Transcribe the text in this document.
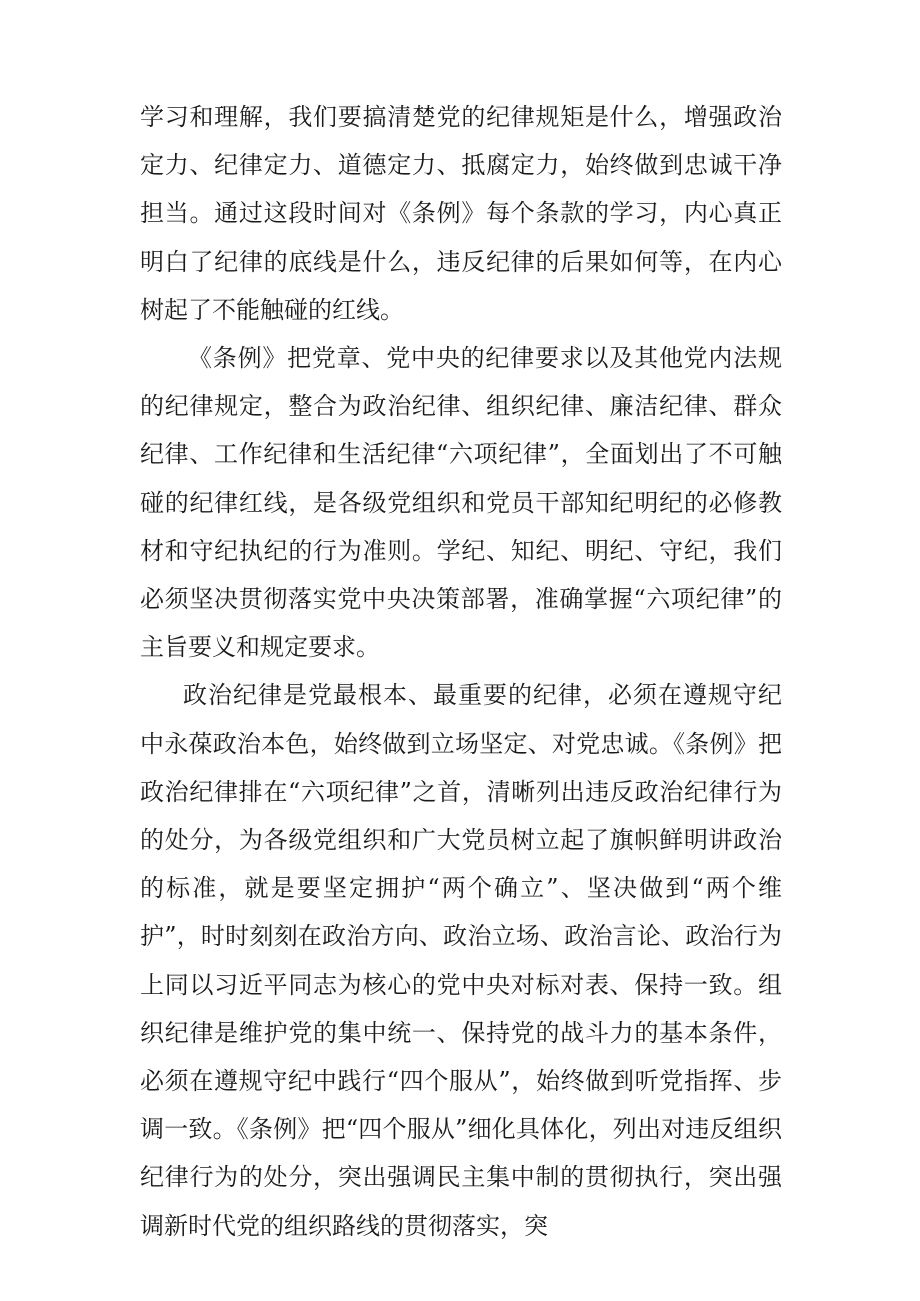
学习和理解，我们要搞清楚党的纪律规矩是什么，增强政治定力、纪律定力、道德定力、抵腐定力，始终做到忠诚干净担当。通过这段时间对《条例》每个条款的学习，内心真正明白了纪律的底线是什么，违反纪律的后果如何等，在内心树起了不能触碰的红线。

《条例》把党章、党中央的纪律要求以及其他党内法规的纪律规定，整合为政治纪律、组织纪律、廉洁纪律、群众纪律、工作纪律和生活纪律“六项纪律”，全面划出了不可触碰的纪律红线，是各级党组织和党员干部知纪明纪的必修教材和守纪执纪的行为准则。学纪、知纪、明纪、守纪，我们必须坚决贯彻落实党中央决策部署，准确掌握“六项纪律”的主旨要义和规定要求。

政治纪律是党最根本、最重要的纪律，必须在遵规守纪中永葆政治本色，始终做到立场坚定、对党忠诚。《条例》把政治纪律排在“六项纪律”之首，清晰列出违反政治纪律行为的处分，为各级党组织和广大党员树立起了旗帜鲜明讲政治的标准，就是要坚定拥护“两个确立”、坚决做到“两个维护”，时时刻刻在政治方向、政治立场、政治言论、政治行为上同以习近平同志为核心的党中央对标对表、保持一致。组织纪律是维护党的集中统一、保持党的战斗力的基本条件，必须在遵规守纪中践行“四个服从”，始终做到听党指挥、步调一致。《条例》把“四个服从”细化具体化，列出对违反组织纪律行为的处分，突出强调民主集中制的贯彻执行，突出强调新时代党的组织路线的贯彻落实，突
